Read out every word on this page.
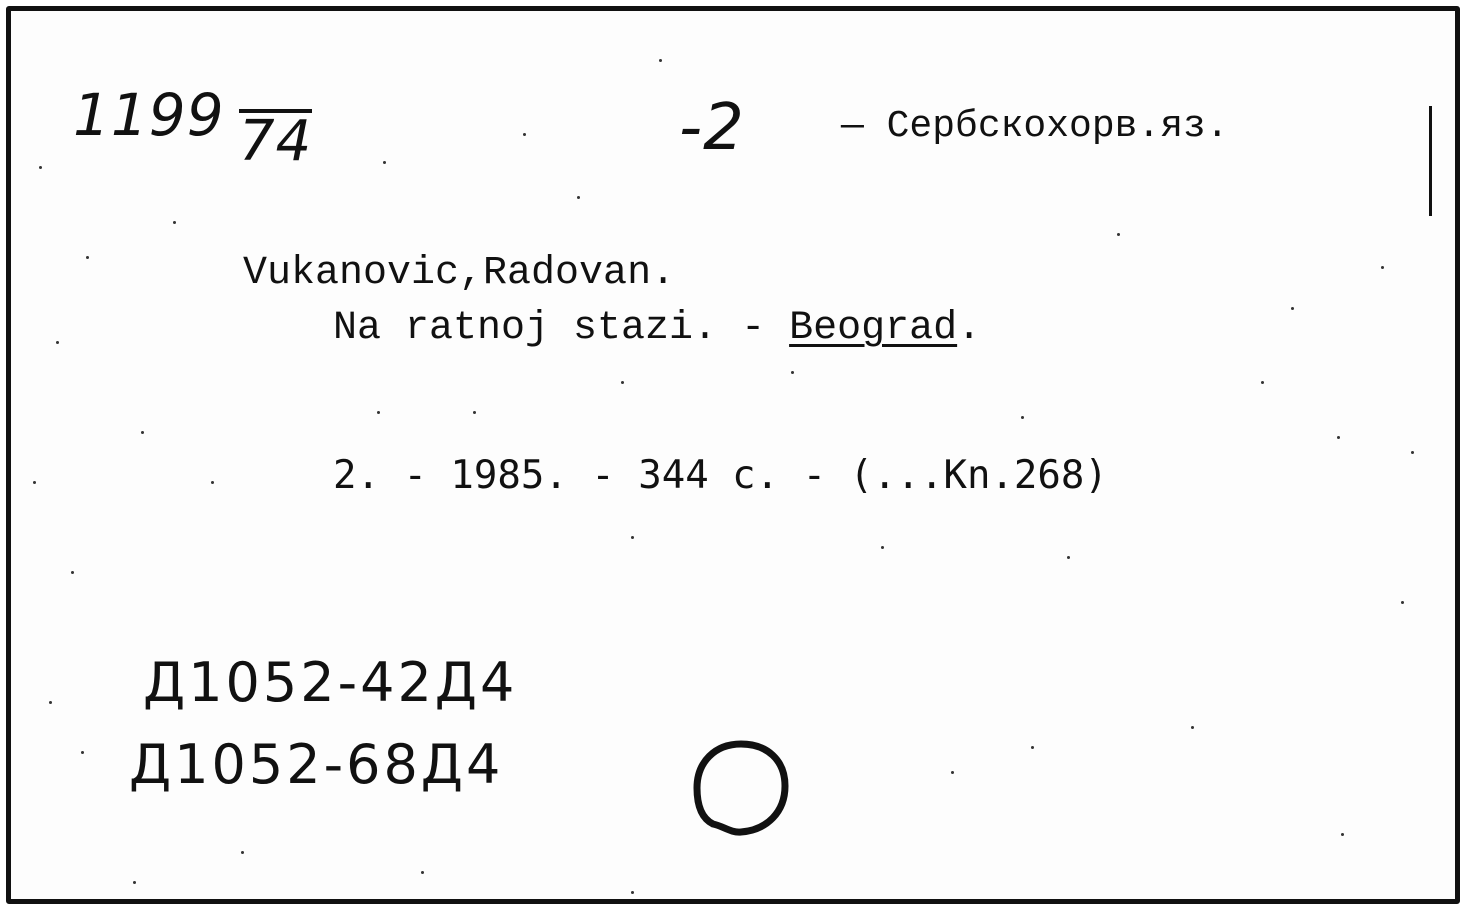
1199 74	-2	— Сербскохорв.яз.
Vukanovic,Radovan.
Na ratnoj stazi. - Beograd.
2. - 1985. - 344 c. - (...Kn.268)
Д1052-42Д4
Д1052-68Д4
